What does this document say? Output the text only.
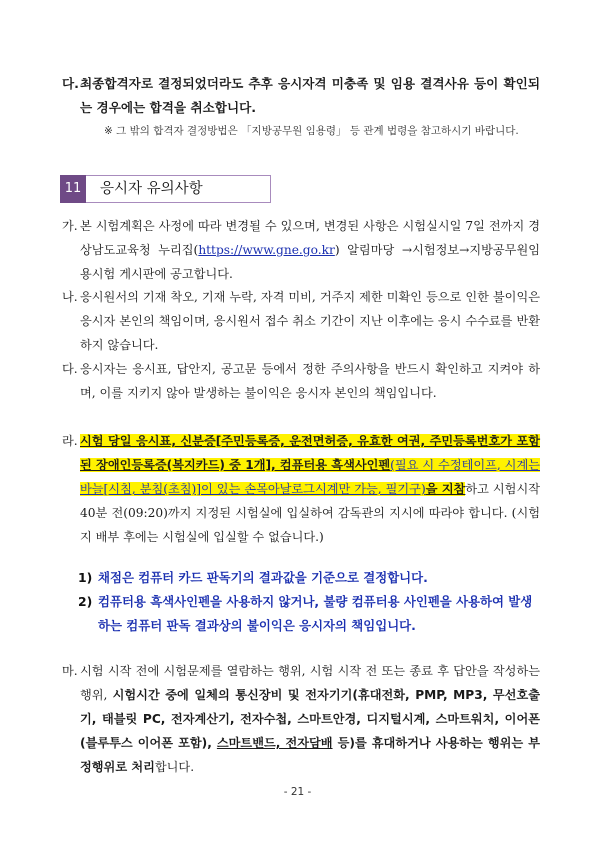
다. 최종합격자로 결정되었더라도 추후 응시자격 미충족 및 임용 결격사유 등이 확인되는 경우에는 합격을 취소합니다.
※ 그 밖의 합격자 결정방법은 「지방공무원 임용령」 등 관계 법령을 참고하시기 바랍니다.
11	응시자 유의사항
가. 본 시험계획은 사정에 따라 변경될 수 있으며, 변경된 사항은 시험실시일 7일 전까지 경상남도교육청 누리집(https://www.gne.go.kr) 알림마당 →시험정보→지방공무원임용시험 게시판에 공고합니다.
나. 응시원서의 기재 착오, 기재 누락, 자격 미비, 거주지 제한 미확인 등으로 인한 불이익은 응시자 본인의 책임이며, 응시원서 접수 취소 기간이 지난 이후에는 응시 수수료를 반환하지 않습니다.
다. 응시자는 응시표, 답안지, 공고문 등에서 정한 주의사항을 반드시 확인하고 지켜야 하며, 이를 지키지 않아 발생하는 불이익은 응시자 본인의 책임입니다.
라. 시험 당일 응시표, 신분증[주민등록증, 운전면허증, 유효한 여권, 주민등록번호가 포함된 장애인등록증(복지카드) 중 1개], 컴퓨터용 흑색사인펜(필요 시 수정테이프, 시계는 바늘[시침, 분침(초침)]이 있는 손목아날로그시계만 가능, 필기구)을 지참하고 시험시작 40분 전(09:20)까지 지정된 시험실에 입실하여 감독관의 지시에 따라야 합니다. (시험지 배부 후에는 시험실에 입실할 수 없습니다.)
1) 채점은 컴퓨터 카드 판독기의 결과값을 기준으로 결정합니다.
2) 컴퓨터용 흑색사인펜을 사용하지 않거나, 불량 컴퓨터용 사인펜을 사용하여 발생하는 컴퓨터 판독 결과상의 불이익은 응시자의 책임입니다.
마. 시험 시작 전에 시험문제를 열람하는 행위, 시험 시작 전 또는 종료 후 답안을 작성하는 행위, 시험시간 중에 일체의 통신장비 및 전자기기(휴대전화, PMP, MP3, 무선호출기, 태블릿 PC, 전자계산기, 전자수첩, 스마트안경, 디지털시계, 스마트워치, 이어폰(블루투스 이어폰 포함), 스마트밴드, 전자담배 등)를 휴대하거나 사용하는 행위는 부정행위로 처리합니다.
- 21 -
